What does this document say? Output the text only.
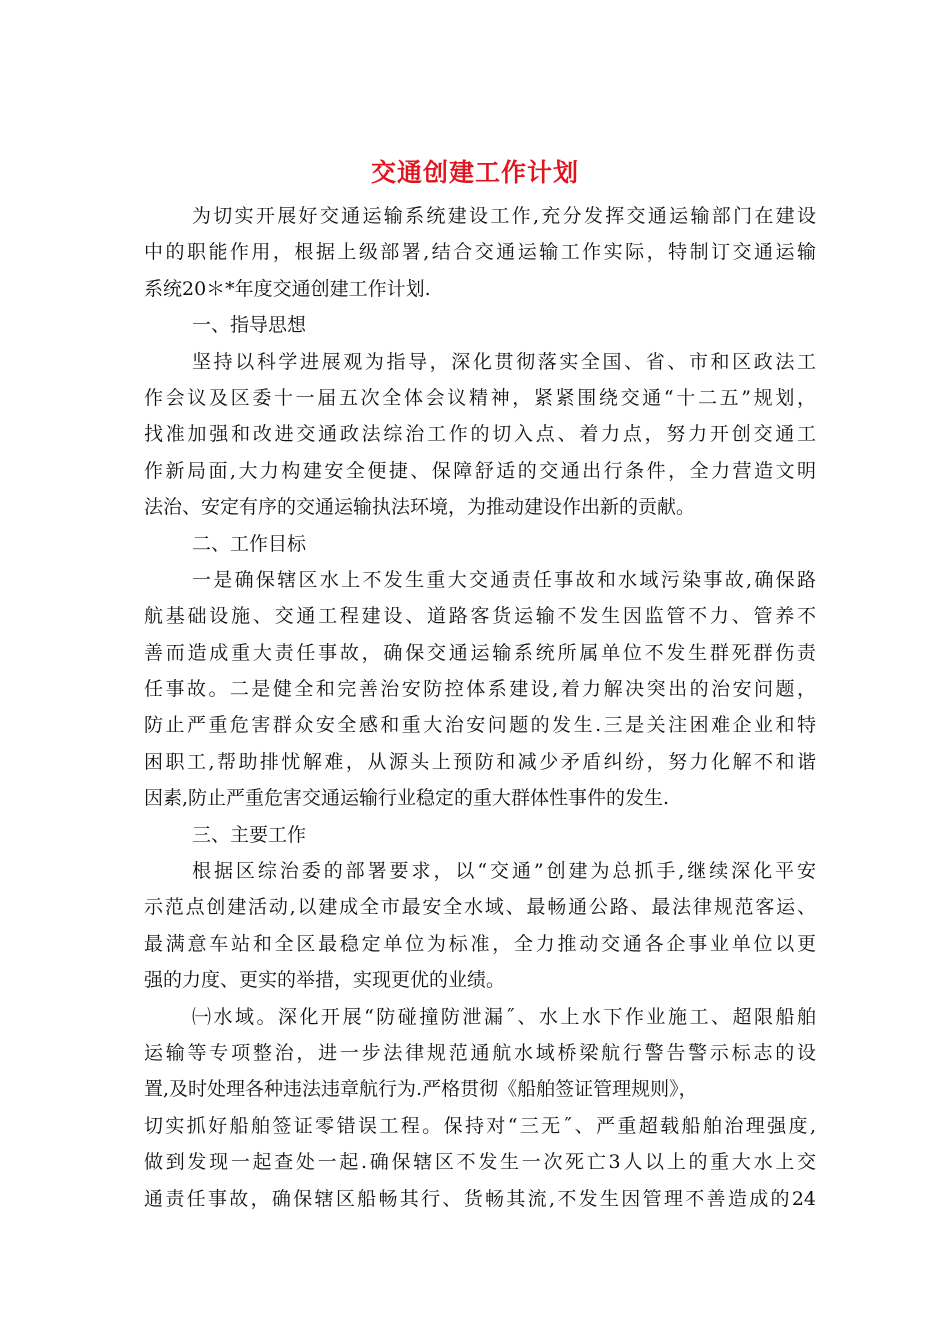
交通创建工作计划
为切实开展好交通运输系统建设工作,充分发挥交通运输部门在建设
中的职能作用，根据上级部署,结合交通运输工作实际，特制订交通运输
系统20＊*年度交通创建工作计划.
一、指导思想
坚持以科学进展观为指导，深化贯彻落实全国、省、市和区政法工
作会议及区委十一届五次全体会议精神，紧紧围绕交通“十二五”规划，
找准加强和改进交通政法综治工作的切入点、着力点，努力开创交通工
作新局面,大力构建安全便捷、保障舒适的交通出行条件，全力营造文明
法治、安定有序的交通运输执法环境，为推动建设作出新的贡献。
二、工作目标
一是确保辖区水上不发生重大交通责任事故和水域污染事故,确保路
航基础设施、交通工程建设、道路客货运输不发生因监管不力、管养不
善而造成重大责任事故，确保交通运输系统所属单位不发生群死群伤责
任事故。二是健全和完善治安防控体系建设,着力解决突出的治安问题，
防止严重危害群众安全感和重大治安问题的发生.三是关注困难企业和特
困职工,帮助排忧解难，从源头上预防和减少矛盾纠纷，努力化解不和谐
因素,防止严重危害交通运输行业稳定的重大群体性事件的发生.
三、主要工作
根据区综治委的部署要求，以“交通”创建为总抓手,继续深化平安
示范点创建活动,以建成全市最安全水域、最畅通公路、最法律规范客运、
最满意车站和全区最稳定单位为标准，全力推动交通各企事业单位以更
强的力度、更实的举措，实现更优的业绩。
㈠水域。深化开展“防碰撞防泄漏˝、水上水下作业施工、超限船舶
运输等专项整治，进一步法律规范通航水域桥梁航行警告警示标志的设
置,及时处理各种违法违章航行为.严格贯彻《船舶签证管理规则》，
切实抓好船舶签证零错误工程。保持对“三无˝、严重超载船舶治理强度,
做到发现一起查处一起.确保辖区不发生一次死亡3人以上的重大水上交
通责任事故，确保辖区船畅其行、货畅其流,不发生因管理不善造成的24
